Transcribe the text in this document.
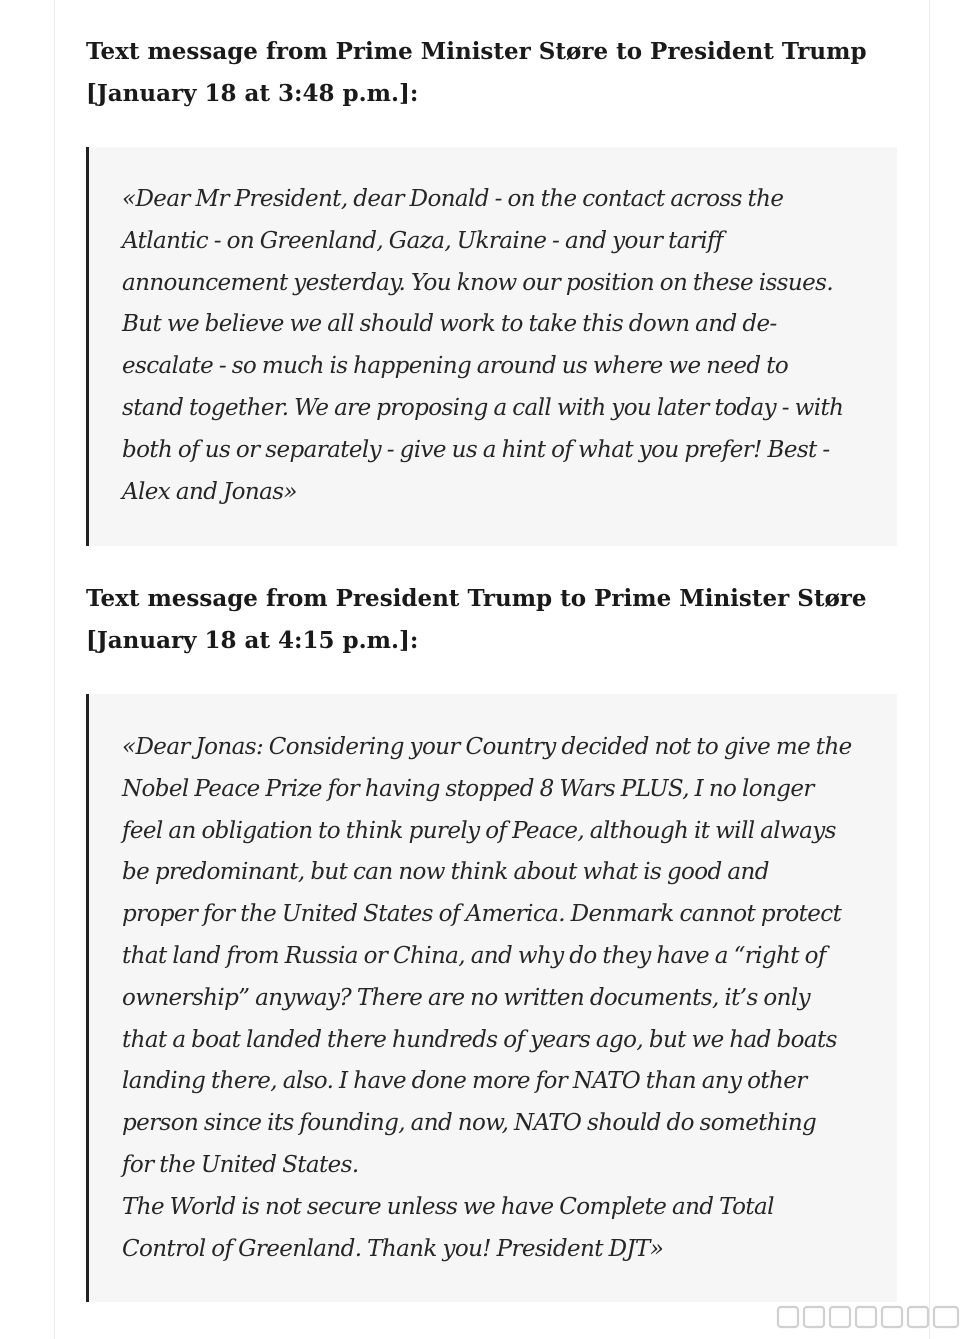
Text message from Prime Minister Støre to President Trump
[January 18 at 3:48 p.m.]:

«Dear Mr President, dear Donald - on the contact across the
Atlantic - on Greenland, Gaza, Ukraine - and your tariff
announcement yesterday. You know our position on these issues.
But we believe we all should work to take this down and de-
escalate - so much is happening around us where we need to
stand together. We are proposing a call with you later today - with
both of us or separately - give us a hint of what you prefer! Best -
Alex and Jonas»

Text message from President Trump to Prime Minister Støre
[January 18 at 4:15 p.m.]:

«Dear Jonas: Considering your Country decided not to give me the
Nobel Peace Prize for having stopped 8 Wars PLUS, I no longer
feel an obligation to think purely of Peace, although it will always
be predominant, but can now think about what is good and
proper for the United States of America. Denmark cannot protect
that land from Russia or China, and why do they have a “right of
ownership” anyway? There are no written documents, it’s only
that a boat landed there hundreds of years ago, but we had boats
landing there, also. I have done more for NATO than any other
person since its founding, and now, NATO should do something
for the United States.
The World is not secure unless we have Complete and Total
Control of Greenland. Thank you! President DJT»
